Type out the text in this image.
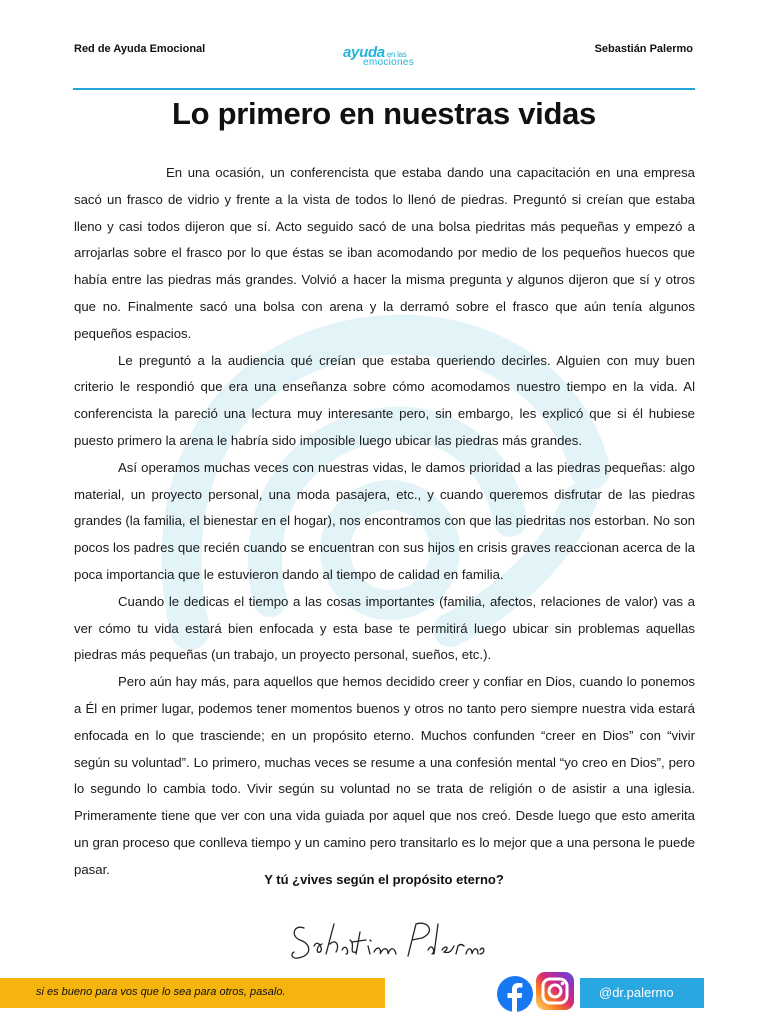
Red de Ayuda Emocional	ayuda en las
emociones
Sebastián Palermo
Lo primero en nuestras vidas

En una ocasión, un conferencista que estaba dando una capacitación en una empresa sacó un frasco de vidrio y frente a la vista de todos lo llenó de piedras. Preguntó si creían que estaba lleno y casi todos dijeron que sí. Acto seguido sacó de una bolsa piedritas más pequeñas y empezó a arrojarlas sobre el frasco por lo que éstas se iban acomodando por medio de los pequeños huecos que había entre las piedras más grandes. Volvió a hacer la misma pregunta y algunos dijeron que sí y otros que no. Finalmente sacó una bolsa con arena y la derramó sobre el frasco que aún tenía algunos pequeños espacios.

Le preguntó a la audiencia qué creían que estaba queriendo decirles. Alguien con muy buen criterio le respondió que era una enseñanza sobre cómo acomodamos nuestro tiempo en la vida. Al conferencista la pareció una lectura muy interesante pero, sin embargo, les explicó que si él hubiese puesto primero la arena le habría sido imposible luego ubicar las piedras más grandes.

Así operamos muchas veces con nuestras vidas, le damos prioridad a las piedras pequeñas: algo material, un proyecto personal, una moda pasajera, etc., y cuando queremos disfrutar de las piedras grandes (la familia, el bienestar en el hogar), nos encontramos con que las piedritas nos estorban. No son pocos los padres que recién cuando se encuentran con sus hijos en crisis graves reaccionan acerca de la poca importancia que le estuvieron dando al tiempo de calidad en familia.

Cuando le dedicas el tiempo a las cosas importantes (familia, afectos, relaciones de valor) vas a ver cómo tu vida estará bien enfocada y esta base te permitirá luego ubicar sin problemas aquellas piedras más pequeñas (un trabajo, un proyecto personal, sueños, etc.).

Pero aún hay más, para aquellos que hemos decidido creer y confiar en Dios, cuando lo ponemos a Él en primer lugar, podemos tener momentos buenos y otros no tanto pero siempre nuestra vida estará enfocada en lo que trasciende; en un propósito eterno. Muchos confunden “creer en Dios” con “vivir según su voluntad”. Lo primero, muchas veces se resume a una confesión mental “yo creo en Dios”, pero lo segundo lo cambia todo. Vivir según su voluntad no se trata de religión o de asistir a una iglesia. Primeramente tiene que ver con una vida guiada por aquel que nos creó. Desde luego que esto amerita un gran proceso que conlleva tiempo y un camino pero transitarlo es lo mejor que a una persona le puede pasar.

Y tú ¿vives según el propósito eterno?
si es bueno para vos que lo sea para otros, pasalo.	@dr.palermo
